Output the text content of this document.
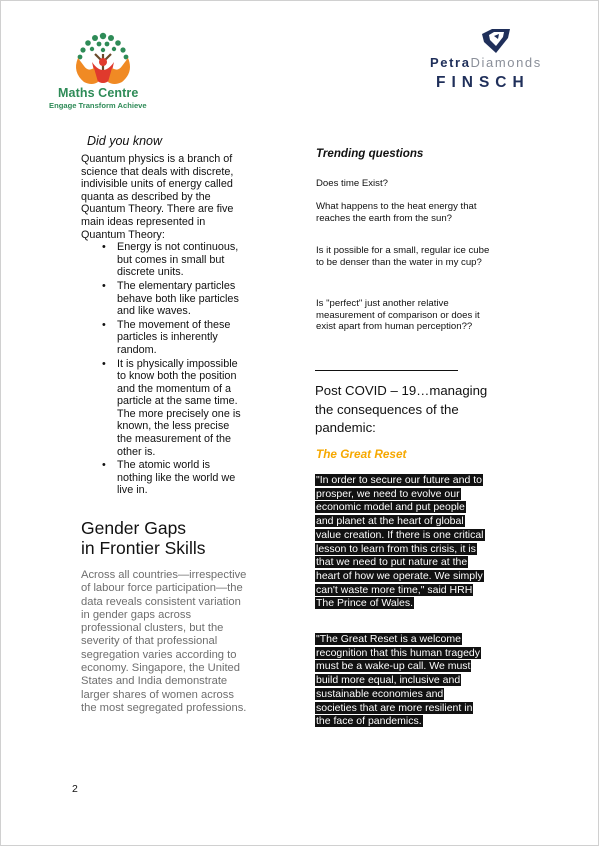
Maths Centre
Engage Transform Achieve
PetraDiamonds
FINSCH
Did you know
Quantum physics is a branch of science that deals with discrete, indivisible units of energy called quanta as described by the Quantum Theory. There are five main ideas represented in Quantum Theory:
• Energy is not continuous, but comes in small but discrete units.
• The elementary particles behave both like particles and like waves.
• The movement of these particles is inherently random.
• It is physically impossible to know both the position and the momentum of a particle at the same time. The more precisely one is known, the less precise the measurement of the other is.
• The atomic world is nothing like the world we live in.
Gender Gaps
in Frontier Skills
Across all countries—irrespective of labour force participation—the data reveals consistent variation in gender gaps across professional clusters, but the severity of that professional segregation varies according to economy. Singapore, the United States and India demonstrate larger shares of women across the most segregated professions.
Trending questions
Does time Exist?
What happens to the heat energy that reaches the earth from the sun?
Is it possible for a small, regular ice cube to be denser than the water in my cup?
Is "perfect" just another relative measurement of comparison or does it exist apart from human perception??
Post COVID – 19…managing the consequences of the pandemic:
The Great Reset
"In order to secure our future and to prosper, we need to evolve our economic model and put people and planet at the heart of global value creation. If there is one critical lesson to learn from this crisis, it is that we need to put nature at the heart of how we operate. We simply can't waste more time," said HRH The Prince of Wales.
"The Great Reset is a welcome recognition that this human tragedy must be a wake-up call. We must build more equal, inclusive and sustainable economies and societies that are more resilient in the face of pandemics.
2
